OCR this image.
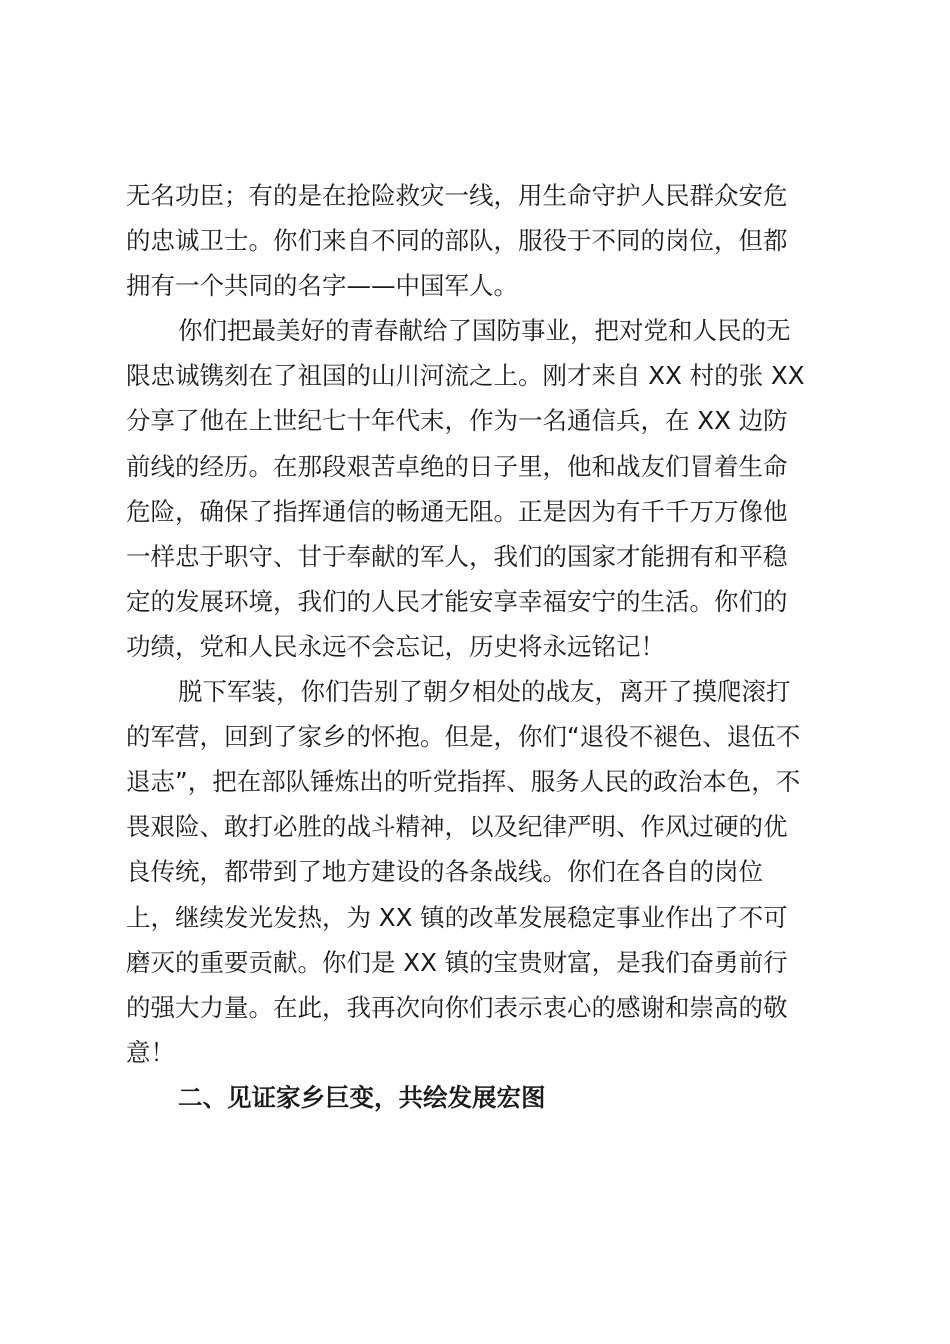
无名功臣；有的是在抢险救灾一线，用生命守护人民群众安危
的忠诚卫士。你们来自不同的部队，服役于不同的岗位，但都
拥有一个共同的名字——中国军人。
你们把最美好的青春献给了国防事业，把对党和人民的无
限忠诚镌刻在了祖国的山川河流之上。刚才来自 XX 村的张 XX
分享了他在上世纪七十年代末，作为一名通信兵，在 XX 边防
前线的经历。在那段艰苦卓绝的日子里，他和战友们冒着生命
危险，确保了指挥通信的畅通无阻。正是因为有千千万万像他
一样忠于职守、甘于奉献的军人，我们的国家才能拥有和平稳
定的发展环境，我们的人民才能安享幸福安宁的生活。你们的
功绩，党和人民永远不会忘记，历史将永远铭记！
脱下军装，你们告别了朝夕相处的战友，离开了摸爬滚打
的军营，回到了家乡的怀抱。但是，你们“退役不褪色、退伍不
退志”，把在部队锤炼出的听党指挥、服务人民的政治本色，不
畏艰险、敢打必胜的战斗精神，以及纪律严明、作风过硬的优
良传统，都带到了地方建设的各条战线。你们在各自的岗位
上，继续发光发热，为 XX 镇的改革发展稳定事业作出了不可
磨灭的重要贡献。你们是 XX 镇的宝贵财富，是我们奋勇前行
的强大力量。在此，我再次向你们表示衷心的感谢和崇高的敬
意！
二、见证家乡巨变，共绘发展宏图
